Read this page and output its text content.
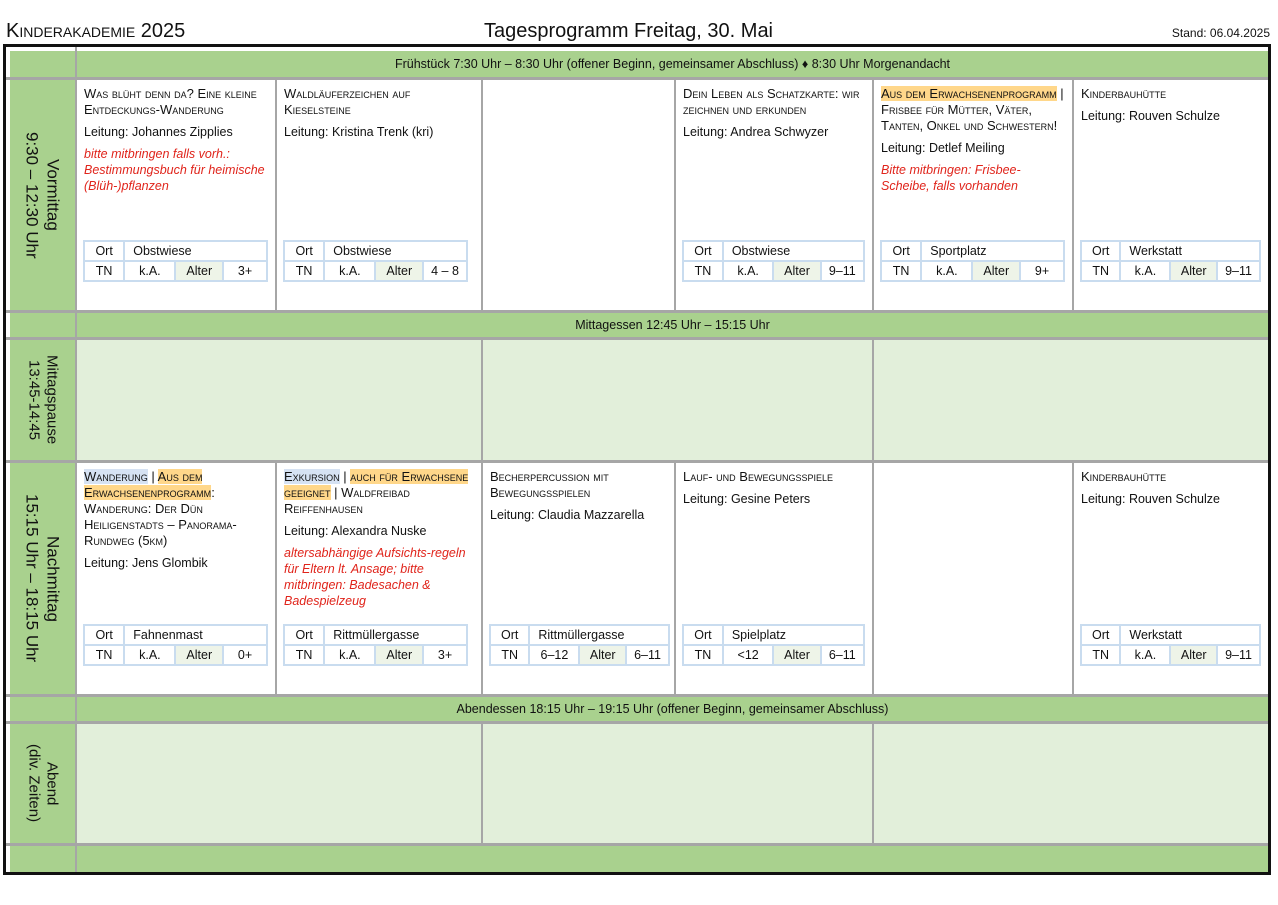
Kinderakademie 2025	Tagesprogramm Freitag, 30. Mai	Stand: 06.04.2025
Frühstück 7:30 Uhr – 8:30 Uhr (offener Beginn, gemeinsamer Abschluss) ♦ 8:30 Uhr Morgenandacht
Vormittag
9:30 – 12:30 Uhr
Was blüht denn da? Eine kleine Entdeckungs-Wanderung
Leitung: Johannes Zipplies
bitte mitbringen falls vorh.: Bestimmungsbuch für heimische (Blüh-)pflanzen
Ort	Obstwiese		
TN	k.A.	Alter	3+
Waldläuferzeichen auf Kieselsteine
Leitung: Kristina Trenk (kri)
Ort	Obstwiese		
TN	k.A.	Alter	4 – 8
Dein Leben als Schatzkarte: wir zeichnen und erkunden
Leitung: Andrea Schwyzer
Ort	Obstwiese		
TN	k.A.	Alter	9–11
Aus dem Erwachsenenprogramm | Frisbee für Mütter, Väter, Tanten, Onkel und Schwestern!
Leitung: Detlef Meiling
Bitte mitbringen: Frisbee-Scheibe, falls vorhanden
Ort	Sportplatz		
TN	k.A.	Alter	9+
Kinderbauhütte
Leitung: Rouven Schulze
Ort	Werkstatt		
TN	k.A.	Alter	9–11
Mittagessen 12:45 Uhr – 15:15 Uhr
Mittagspause
13:45-14:45
Nachmittag
15:15 Uhr – 18:15 Uhr
Wanderung | Aus dem Erwachsenenprogramm: Wanderung: Der Dün Heiligenstadts – Panorama-Rundweg (5km)
Leitung: Jens Glombik
Ort	Fahnenmast		
TN	k.A.	Alter	0+
Exkursion | auch für Erwachsene geeignet | Waldfreibad Reiffenhausen
Leitung: Alexandra Nuske
altersabhängige Aufsichts-regeln für Eltern lt. Ansage; bitte mitbringen: Badesachen & Badespielzeug
Ort	Rittmüllergasse		
TN	k.A.	Alter	3+
Becherpercussion mit Bewegungsspielen
Leitung: Claudia Mazzarella
Ort	Rittmüllergasse		
TN	6–12	Alter	6–11
Lauf- und Bewegungsspiele
Leitung: Gesine Peters
Ort	Spielplatz		
TN	<12	Alter	6–11
Kinderbauhütte
Leitung: Rouven Schulze
Ort	Werkstatt		
TN	k.A.	Alter	9–11
Abendessen 18:15 Uhr – 19:15 Uhr (offener Beginn, gemeinsamer Abschluss)
Abend
(div. Zeiten)
